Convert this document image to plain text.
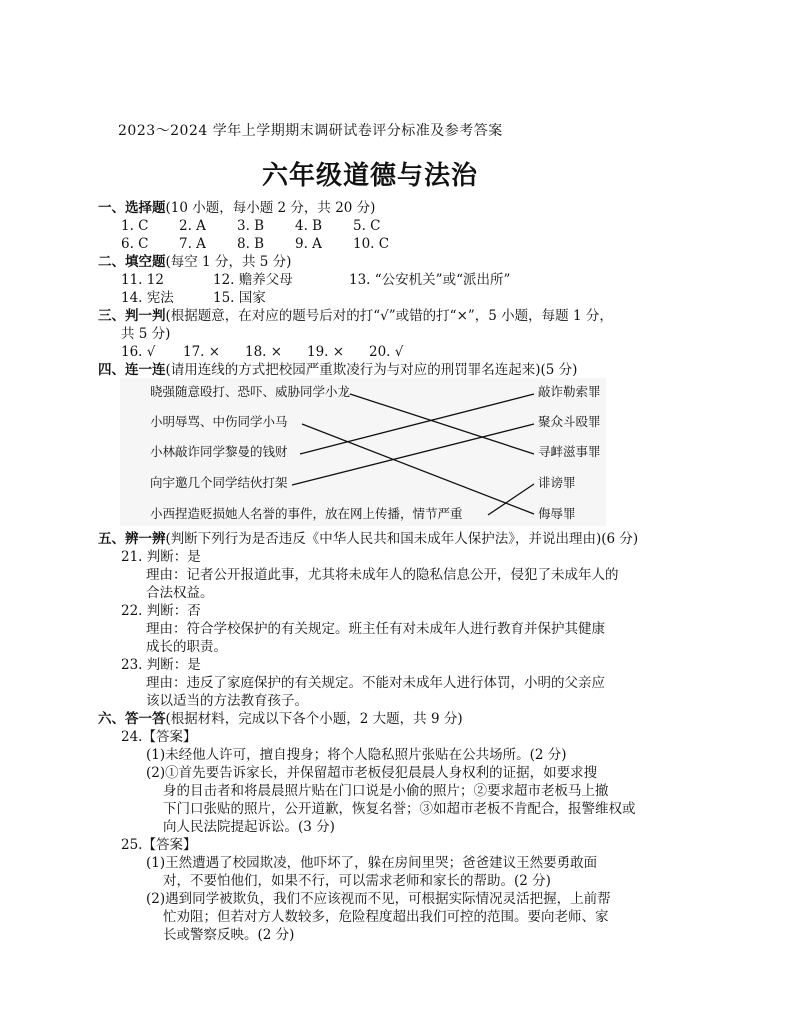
2023～2024 学年上学期期末调研试卷评分标准及参考答案
六年级道德与法治
一、选择题(10 小题，每小题 2 分，共 20 分)
1. C 2. A 3. B 4. B 5. C
6. C 7. A 8. B 9. A 10. C
二、填空题(每空 1 分，共 5 分)
11. 12	12. 赡养父母	13. “公安机关”或“派出所”
14. 宪法	15. 国家
三、判一判(根据题意，在对应的题号后对的打“√”或错的打“×”，5 小题，每题 1 分，
共 5 分)
16. √ 17. × 18. × 19. × 20. √
四、连一连(请用连线的方式把校园严重欺凌行为与对应的刑罚罪名连起来)(5 分)
晓强随意殴打、恐吓、威胁同学小龙
小明辱骂、中伤同学小马
小林敲诈同学黎曼的钱财
向宇邀几个同学结伙打架
小西捏造贬损她人名誉的事件，放在网上传播，情节严重
敲诈勒索罪
聚众斗殴罪
寻衅滋事罪
诽谤罪
侮辱罪
五、辨一辨(判断下列行为是否违反《中华人民共和国未成年人保护法》，并说出理由)(6 分)
21. 判断：是
理由：记者公开报道此事，尤其将未成年人的隐私信息公开，侵犯了未成年人的
合法权益。
22. 判断：否
理由：符合学校保护的有关规定。班主任有对未成年人进行教育并保护其健康
成长的职责。
23. 判断：是
理由：违反了家庭保护的有关规定。不能对未成年人进行体罚，小明的父亲应
该以适当的方法教育孩子。
六、答一答(根据材料，完成以下各个小题，2 大题，共 9 分)
24.【答案】
(1)未经他人许可，擅自搜身；将个人隐私照片张贴在公共场所。(2 分)
(2)①首先要告诉家长，并保留超市老板侵犯晨晨人身权利的证据，如要求搜
身的目击者和将晨晨照片贴在门口说是小偷的照片；②要求超市老板马上撤
下门口张贴的照片，公开道歉，恢复名誉；③如超市老板不肯配合，报警维权或
向人民法院提起诉讼。(3 分)
25.【答案】
(1)王然遭遇了校园欺凌，他吓坏了，躲在房间里哭；爸爸建议王然要勇敢面
对，不要怕他们，如果不行，可以需求老师和家长的帮助。(2 分)
(2)遇到同学被欺负，我们不应该视而不见，可根据实际情况灵活把握，上前帮
忙劝阻；但若对方人数较多，危险程度超出我们可控的范围。要向老师、家
长或警察反映。(2 分)
